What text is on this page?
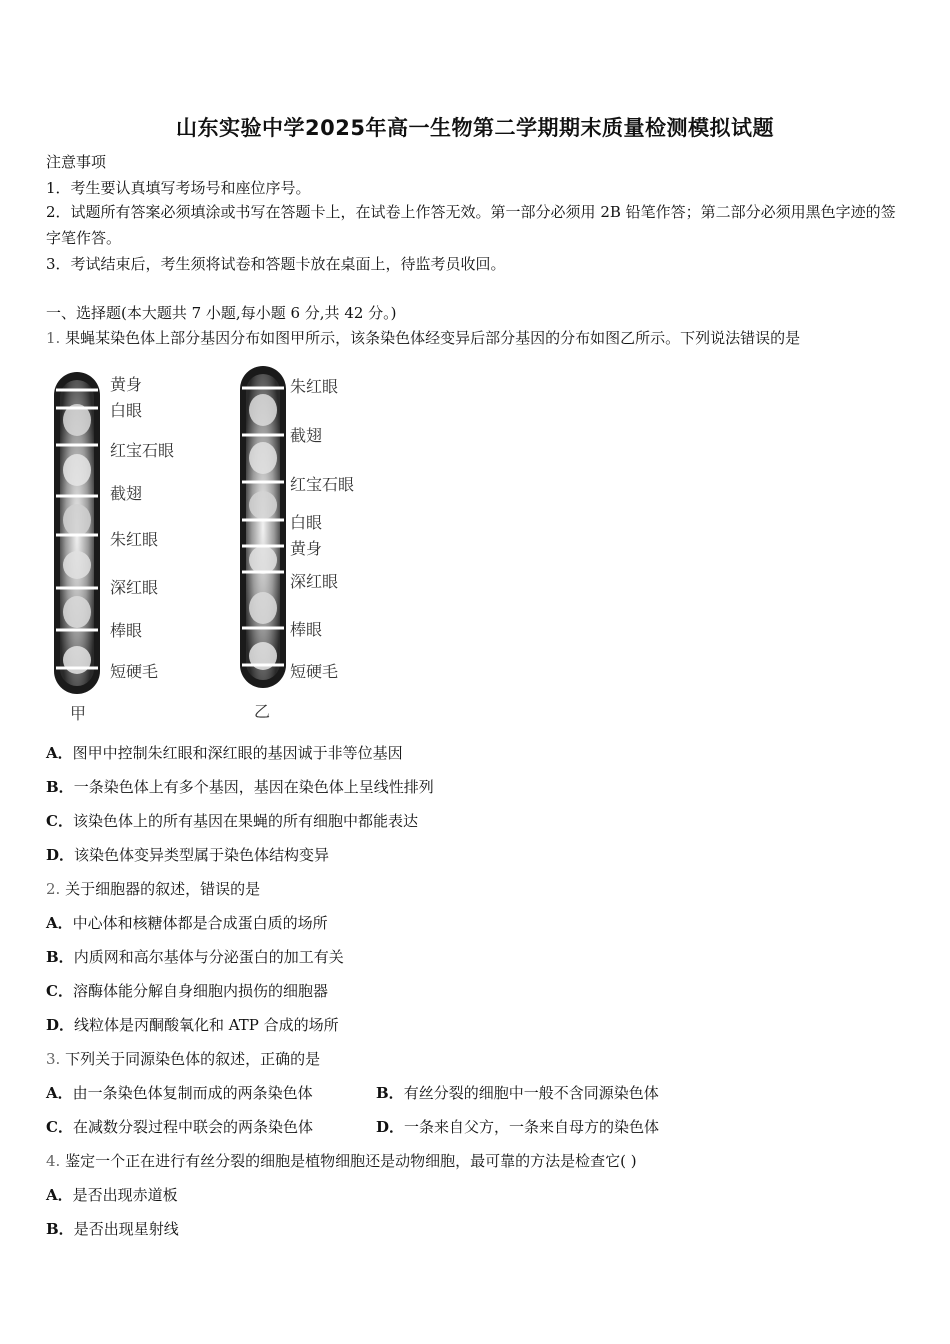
山东实验中学2025年高一生物第二学期期末质量检测模拟试题
注意事项
1．考生要认真填写考场号和座位序号。
2．试题所有答案必须填涂或书写在答题卡上，在试卷上作答无效。第一部分必须用 2B 铅笔作答；第二部分必须用黑色字迹的签字笔作答。
3．考试结束后，考生须将试卷和答题卡放在桌面上，待监考员收回。
一、选择题(本大题共 7 小题,每小题 6 分,共 42 分。)
1. 果蝇某染色体上部分基因分布如图甲所示，该条染色体经变异后部分基因的分布如图乙所示。下列说法错误的是
黄身
白眼
红宝石眼
截翅
朱红眼
深红眼
棒眼
短硬毛
甲
朱红眼
截翅
红宝石眼
白眼
黄身
深红眼
棒眼
短硬毛
乙
A．图甲中控制朱红眼和深红眼的基因诚于非等位基因
B．一条染色体上有多个基因，基因在染色体上呈线性排列
C．该染色体上的所有基因在果蝇的所有细胞中都能表达
D．该染色体变异类型属于染色体结构变异
2. 关于细胞器的叙述，错误的是
A．中心体和核糖体都是合成蛋白质的场所
B．内质网和高尔基体与分泌蛋白的加工有关
C．溶酶体能分解自身细胞内损伤的细胞器
D．线粒体是丙酮酸氧化和 ATP 合成的场所
3. 下列关于同源染色体的叙述，正确的是
A．由一条染色体复制而成的两条染色体	B．有丝分裂的细胞中一般不含同源染色体
C．在减数分裂过程中联会的两条染色体	D．一条来自父方，一条来自母方的染色体
4. 鉴定一个正在进行有丝分裂的细胞是植物细胞还是动物细胞，最可靠的方法是检查它( )
A．是否出现赤道板
B．是否出现星射线
